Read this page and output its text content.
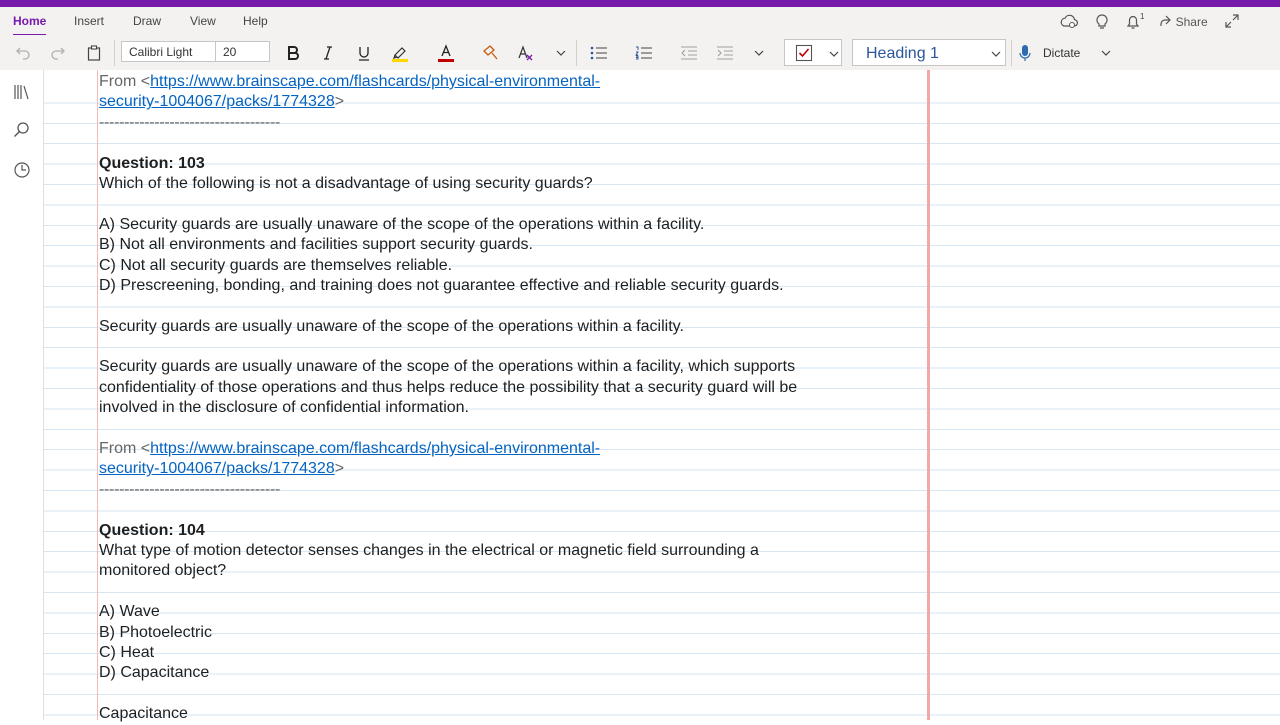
Home Insert Draw View Help	1	Share
Calibri Light	20	Heading 1	Dictate
From <https://www.brainscape.com/flashcards/physical-environmental-
security-1004067/packs/1774328>
------------------------------------
Question: 103
Which of the following is not a disadvantage of using security guards?
A) Security guards are usually unaware of the scope of the operations within a facility.
B) Not all environments and facilities support security guards.
C) Not all security guards are themselves reliable.
D) Prescreening, bonding, and training does not guarantee effective and reliable security guards.
Security guards are usually unaware of the scope of the operations within a facility.
Security guards are usually unaware of the scope of the operations within a facility, which supports
confidentiality of those operations and thus helps reduce the possibility that a security guard will be
involved in the disclosure of confidential information.
From <https://www.brainscape.com/flashcards/physical-environmental-
security-1004067/packs/1774328>
------------------------------------
Question: 104
What type of motion detector senses changes in the electrical or magnetic field surrounding a
monitored object?
A) Wave
B) Photoelectric
C) Heat
D) Capacitance
Capacitance
